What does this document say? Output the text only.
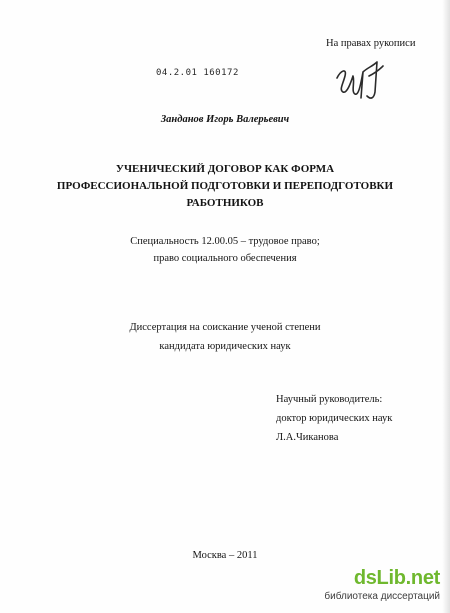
На правах рукописи
04.2.01 160172
Занданов Игорь Валерьевич
УЧЕНИЧЕСКИЙ ДОГОВОР КАК ФОРМА
ПРОФЕССИОНАЛЬНОЙ ПОДГОТОВКИ И ПЕРЕПОДГОТОВКИ
РАБОТНИКОВ
Специальность 12.00.05 – трудовое право;
право социального обеспечения
Диссертация на соискание ученой степени
кандидата юридических наук
Научный руководитель:
доктор юридических наук
Л.А.Чиканова
Москва – 2011
dsLib.net
библиотека диссертаций
